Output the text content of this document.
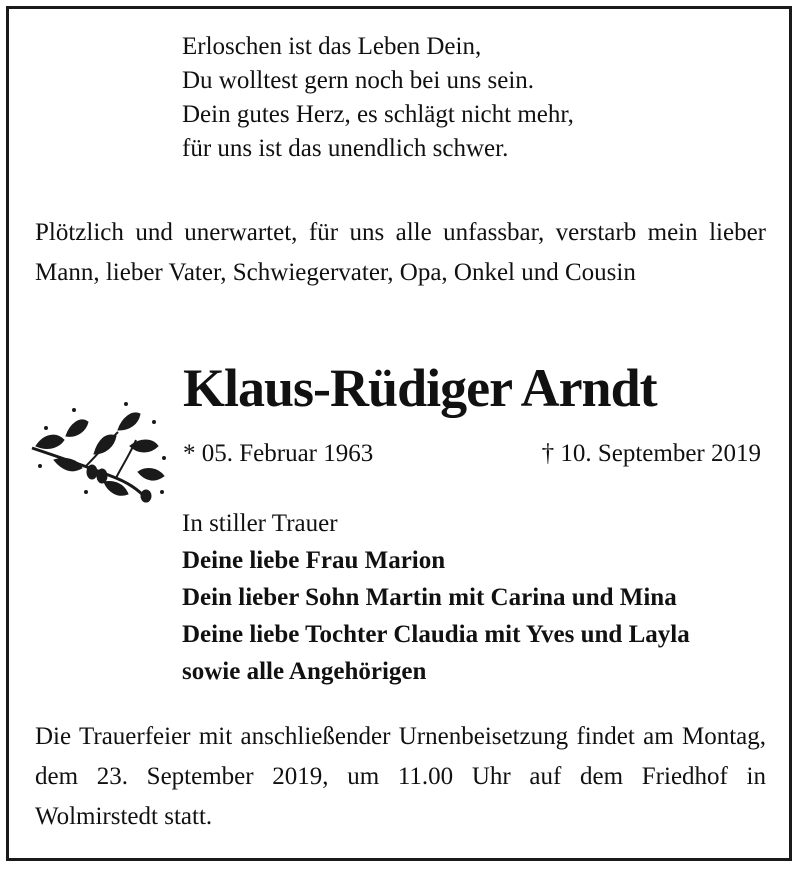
Erloschen ist das Leben Dein,
Du wolltest gern noch bei uns sein.
Dein gutes Herz, es schlägt nicht mehr,
für uns ist das unendlich schwer.
Plötzlich und unerwartet, für uns alle unfassbar, verstarb mein lieber Mann, lieber Vater, Schwiegervater, Opa, Onkel und Cousin
Klaus-Rüdiger Arndt
* 05. Februar 1963	† 10. September 2019
In stiller Trauer
Deine liebe Frau Marion
Dein lieber Sohn Martin mit Carina und Mina
Deine liebe Tochter Claudia mit Yves und Layla
sowie alle Angehörigen
Die Trauerfeier mit anschließender Urnenbeisetzung findet am Montag, dem 23. September 2019, um 11.00 Uhr auf dem Friedhof in Wolmirstedt statt.
